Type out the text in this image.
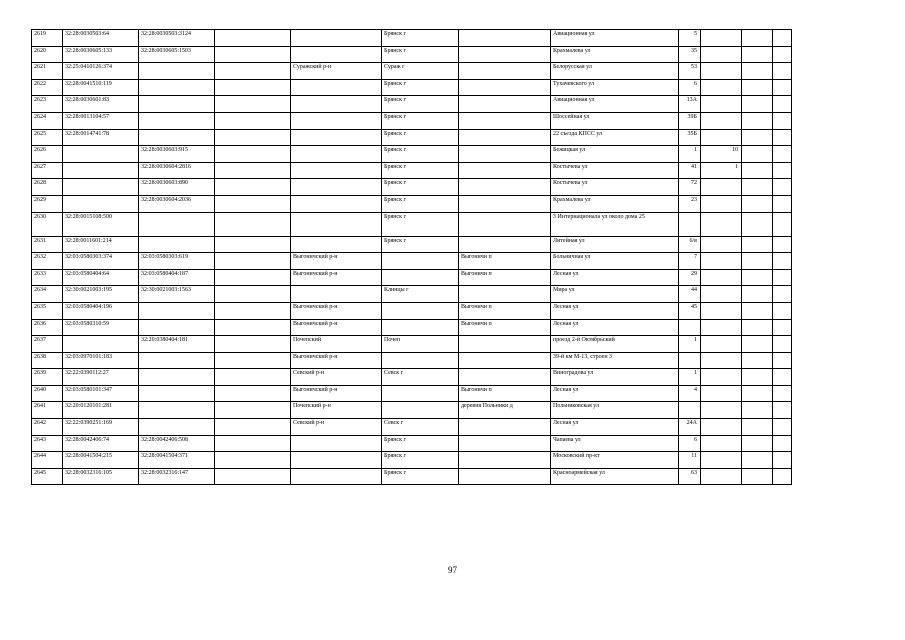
2619	32:28:0030503:64	32:28:0030503:3124			Брянск г		Авиационная ул	5			
2620	32:28:0030605:133	32:28:0030605:1503			Брянск г		Крахмалева ул	35			
2621	32:25:0410126:374			Суражский р-н	Сураж г		Белорусская ул	53			
2622	32:28:0041510:119				Брянск г		Тухачевского ул	6			
2623	32:28:0030601:83				Брянск г		Авиационная ул	13А			
2624	32:28:0013104:57				Брянск г		Шоссейная ул	39Б			
2625	32:28:0014741:78				Брянск г		22 съезда КПСС ул	35Б			
2626		32:28:0030603:915			Брянск г		Бежицкая ул	1	10		
2627		32:28:0030604:2816			Брянск г		Костычева ул	41	1		
2628		32:28:0030603:890			Брянск г		Костычева ул	72			
2629		32:28:0030604:2036			Брянск г		Крахмалева ул	23			
2630	32:28:0015108:500				Брянск г		3 Интернационала ул около дома 25				
2631	32:28:0011601:214				Брянск г		Литейная ул	6/в			
2632	32:03:0580303:374	32:03:0580303:619		Выгоничский р-н		Выгоничи п	Больничная ул	7			
2633	32:03:0580404:64	32:03:0580404:187		Выгоничский р-н		Выгоничи п	Лесная ул	29			
2634	32:30:0021003:195	32:30:0021003:1563			Клинцы г		Мира ул	44			
2635	32:03:0580404:196			Выгоничский р-н		Выгоничи п	Лесная ул	45			
2636	32:03:0580310:59			Выгоничский р-н		Выгоничи п	Лесная ул				
2637		32:20:0380404:181		Почепский	Почеп		проезд 2-й Октябрьский	1			
2638	32:03:0970101:183			Выгоничский р-н			39-й км М-13, строен 3				
2639	32:22:0390112:27			Севский р-н	Севск г		Виноградова ул	1			
2640	32:03:0580101:347			Выгоничский р-н		Выгоничи п	Лесная ул	4			
2641	32:20:0120101:281			Почепский р-н		деревня Польники д	Польниковская ул				
2642	32:22:0390251:169			Севский р-н	Севск г		Лесная ул	24А			
2643	32:28:0042406:74	32:28:0042406:508			Брянск г		Чапаева ул	6			
2644	32:28:0041504:215	32:28:0041504:371			Брянск г		Московский пр-кт	11			
2645	32:28:0032316:105	32:28:0032316:147			Брянск г		Красноармейская ул	63			
97
